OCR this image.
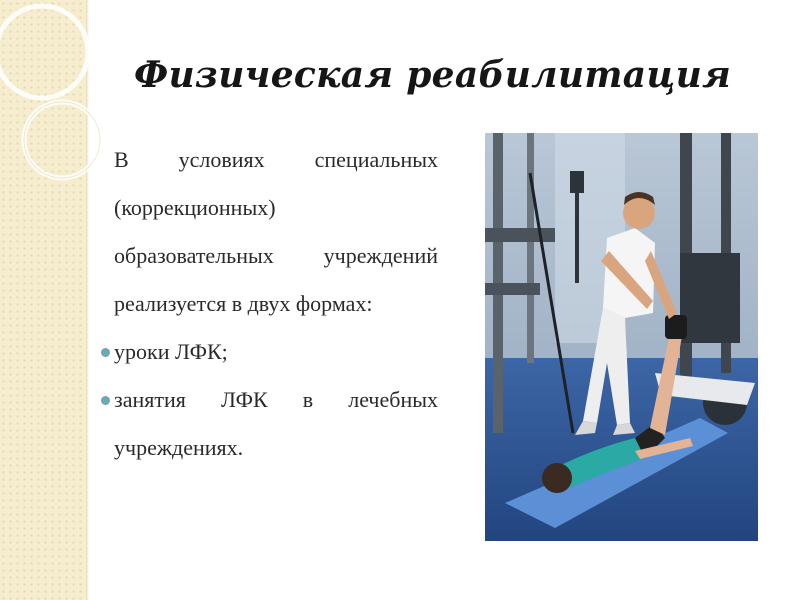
Физическая реабилитация

В условиях специальных (коррекционных) образовательных учреждений реализуется в двух формах:

уроки ЛФК;
занятия ЛФК в лечебных учреждениях.
